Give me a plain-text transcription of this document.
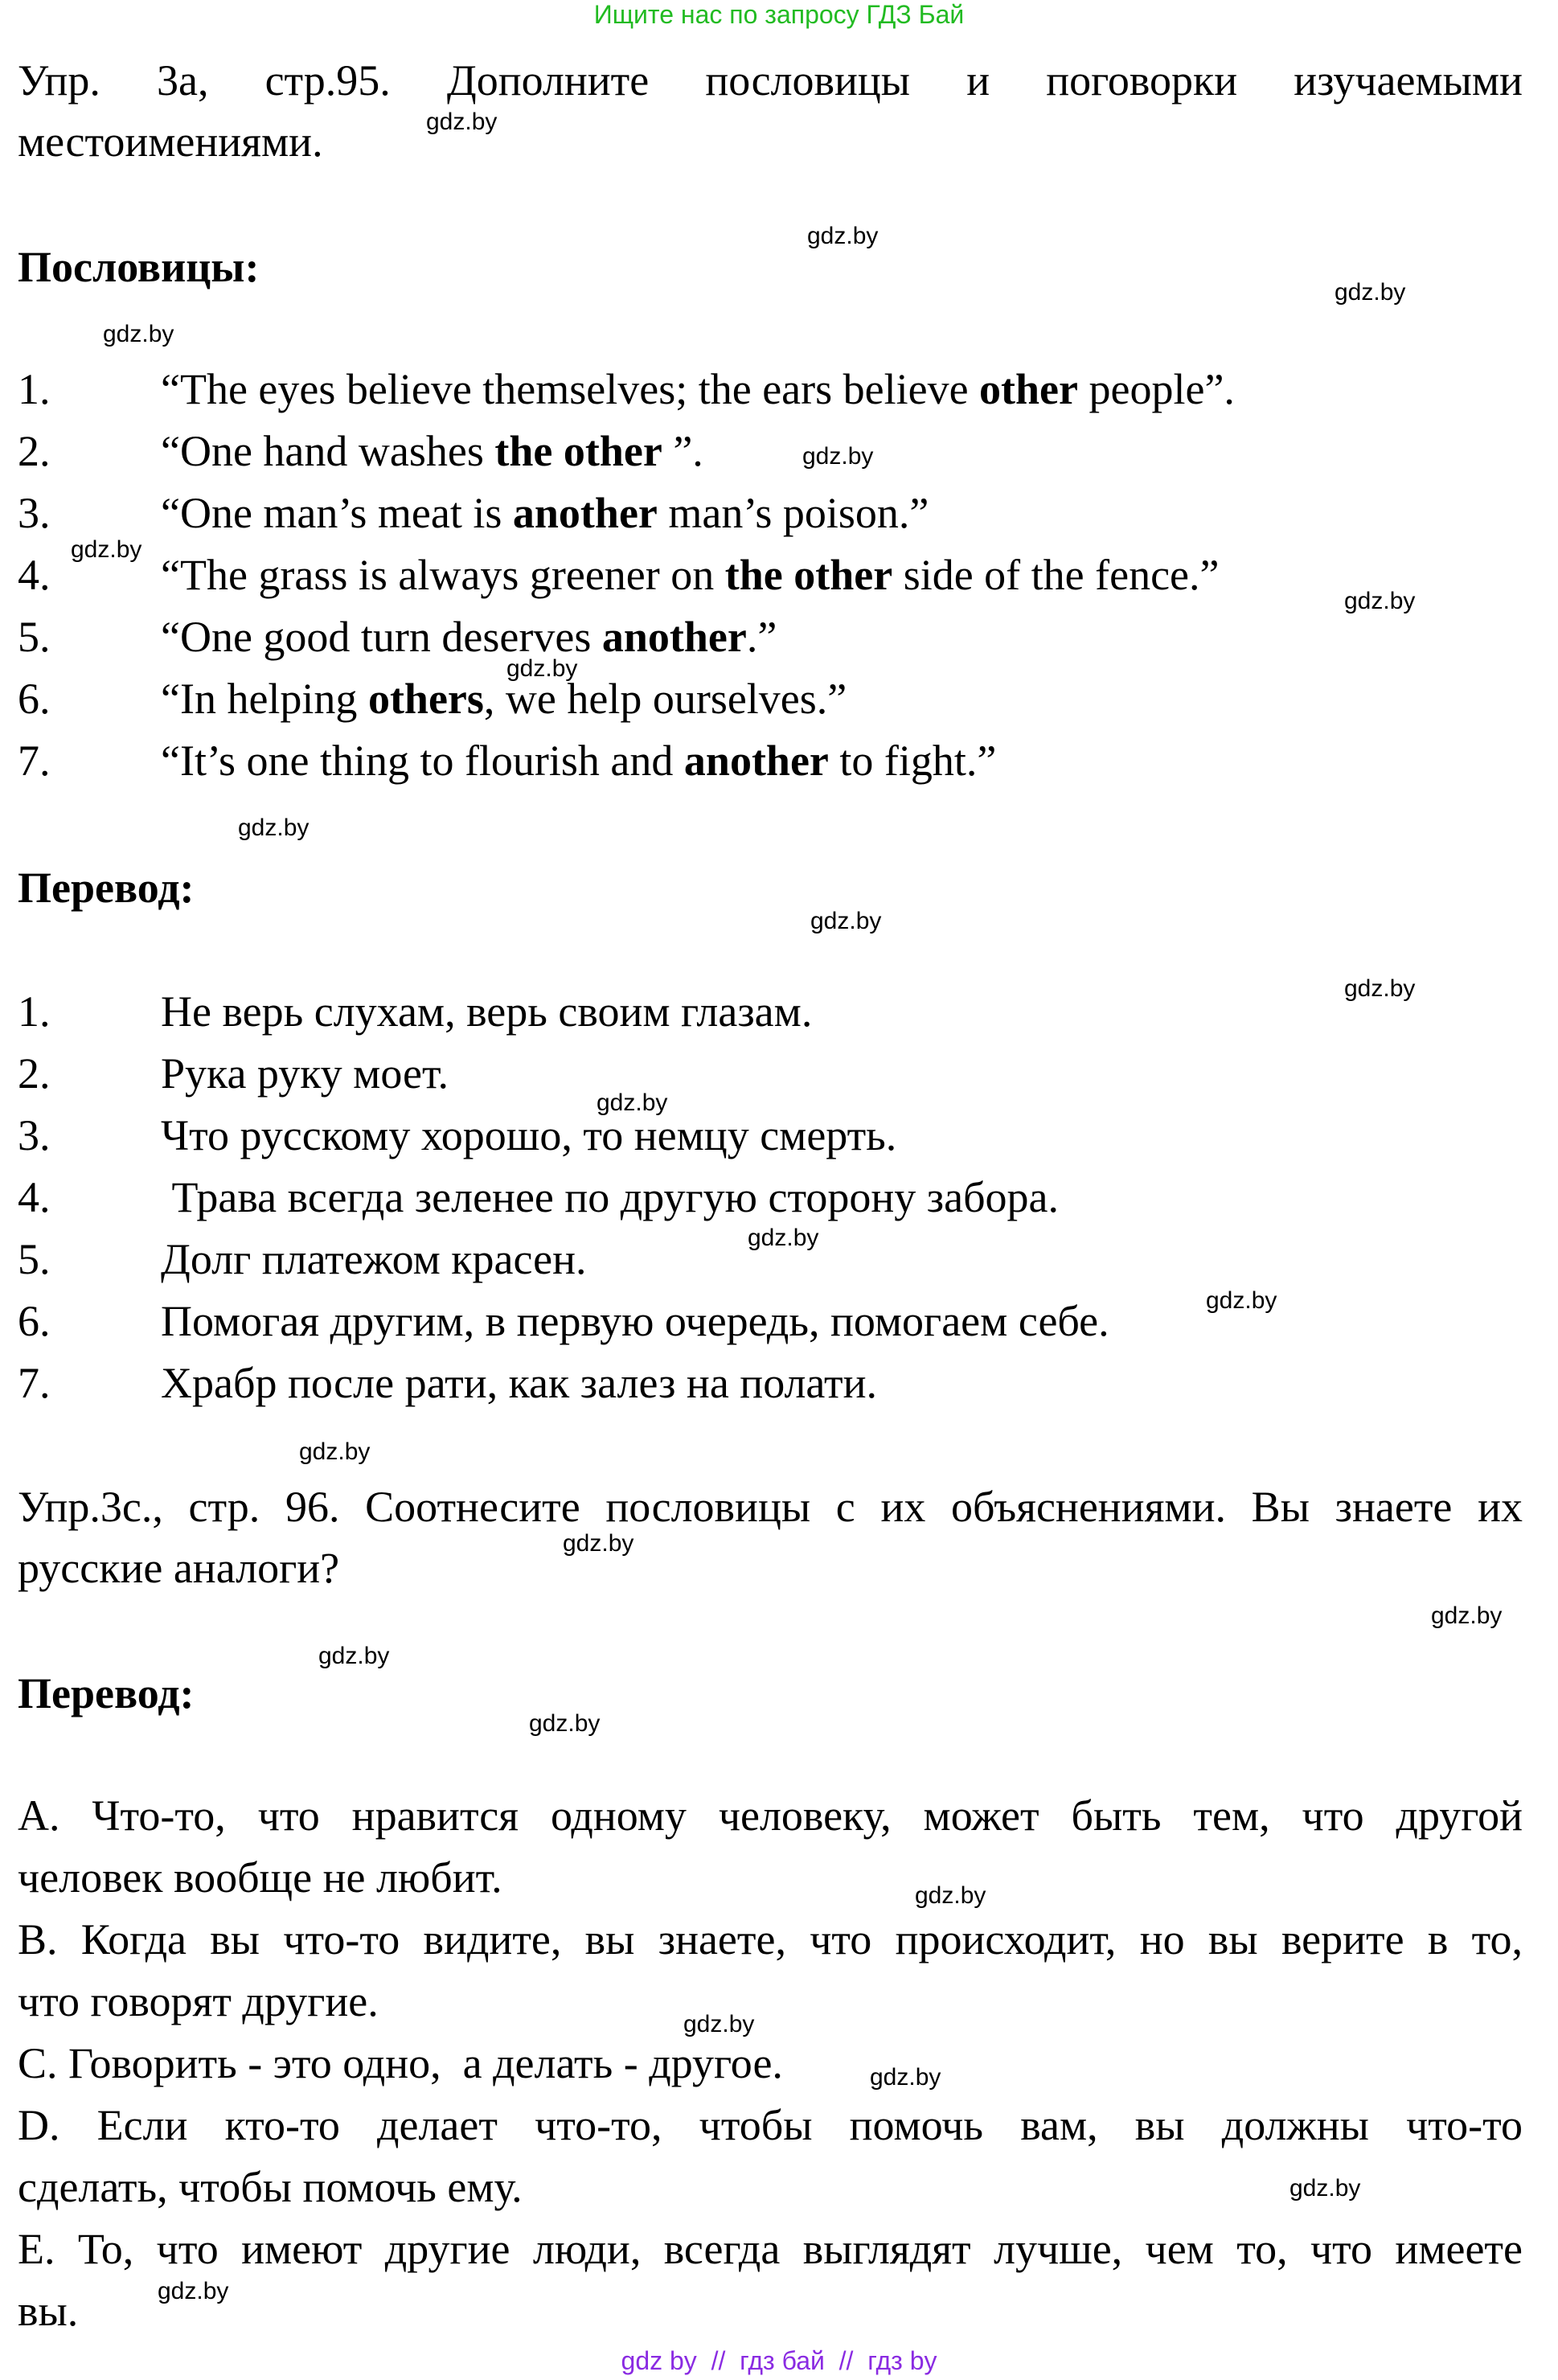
Ищите нас по запросу ГДЗ Бай
Упр. 3а, стр.95. Дополните пословицы и поговорки изучаемыми
местоимениями.
Пословицы:
1.	“The eyes believe themselves; the ears believe other people”.
2.	“One hand washes the other ”.
3.	“One man’s meat is another man’s poison.”
4.	“The grass is always greener on the other side of the fence.”
5.	“One good turn deserves another.”
6.	“In helping others, we help ourselves.”
7.	“It’s one thing to flourish and another to fight.”
Перевод:
1.	Не верь слухам, верь своим глазам.
2.	Рука руку моет.
3.	Что русскому хорошо, то немцу смерть.
4.	Трава всегда зеленее по другую сторону забора.
5.	Долг платежом красен.
6.	Помогая другим, в первую очередь, помогаем себе.
7.	Храбр после рати, как залез на полати.
Упр.3с., стр. 96. Соотнесите пословицы с их объяснениями. Вы знаете их
русские аналоги?
Перевод:
А. Что-то, что нравится одному человеку, может быть тем, что другой
человек вообще не любит.
В. Когда вы что-то видите, вы знаете, что происходит, но вы верите в то,
что говорят другие.
С. Говорить - это одно,  а делать - другое.
D. Если кто-то делает что-то, чтобы помочь вам, вы должны что-то
сделать, чтобы помочь ему.
Е. То, что имеют другие люди, всегда выглядят лучше, чем то, что имеете
вы.
gdz.by
gdz.by
gdz.by
gdz.by
gdz.by
gdz.by
gdz.by
gdz.by
gdz.by
gdz.by
gdz.by
gdz.by
gdz.by
gdz.by
gdz.by
gdz.by
gdz.by
gdz.by
gdz.by
gdz.by
gdz.by
gdz.by
gdz.by
gdz.by
gdz by  //  гдз бай  //  гдз by
